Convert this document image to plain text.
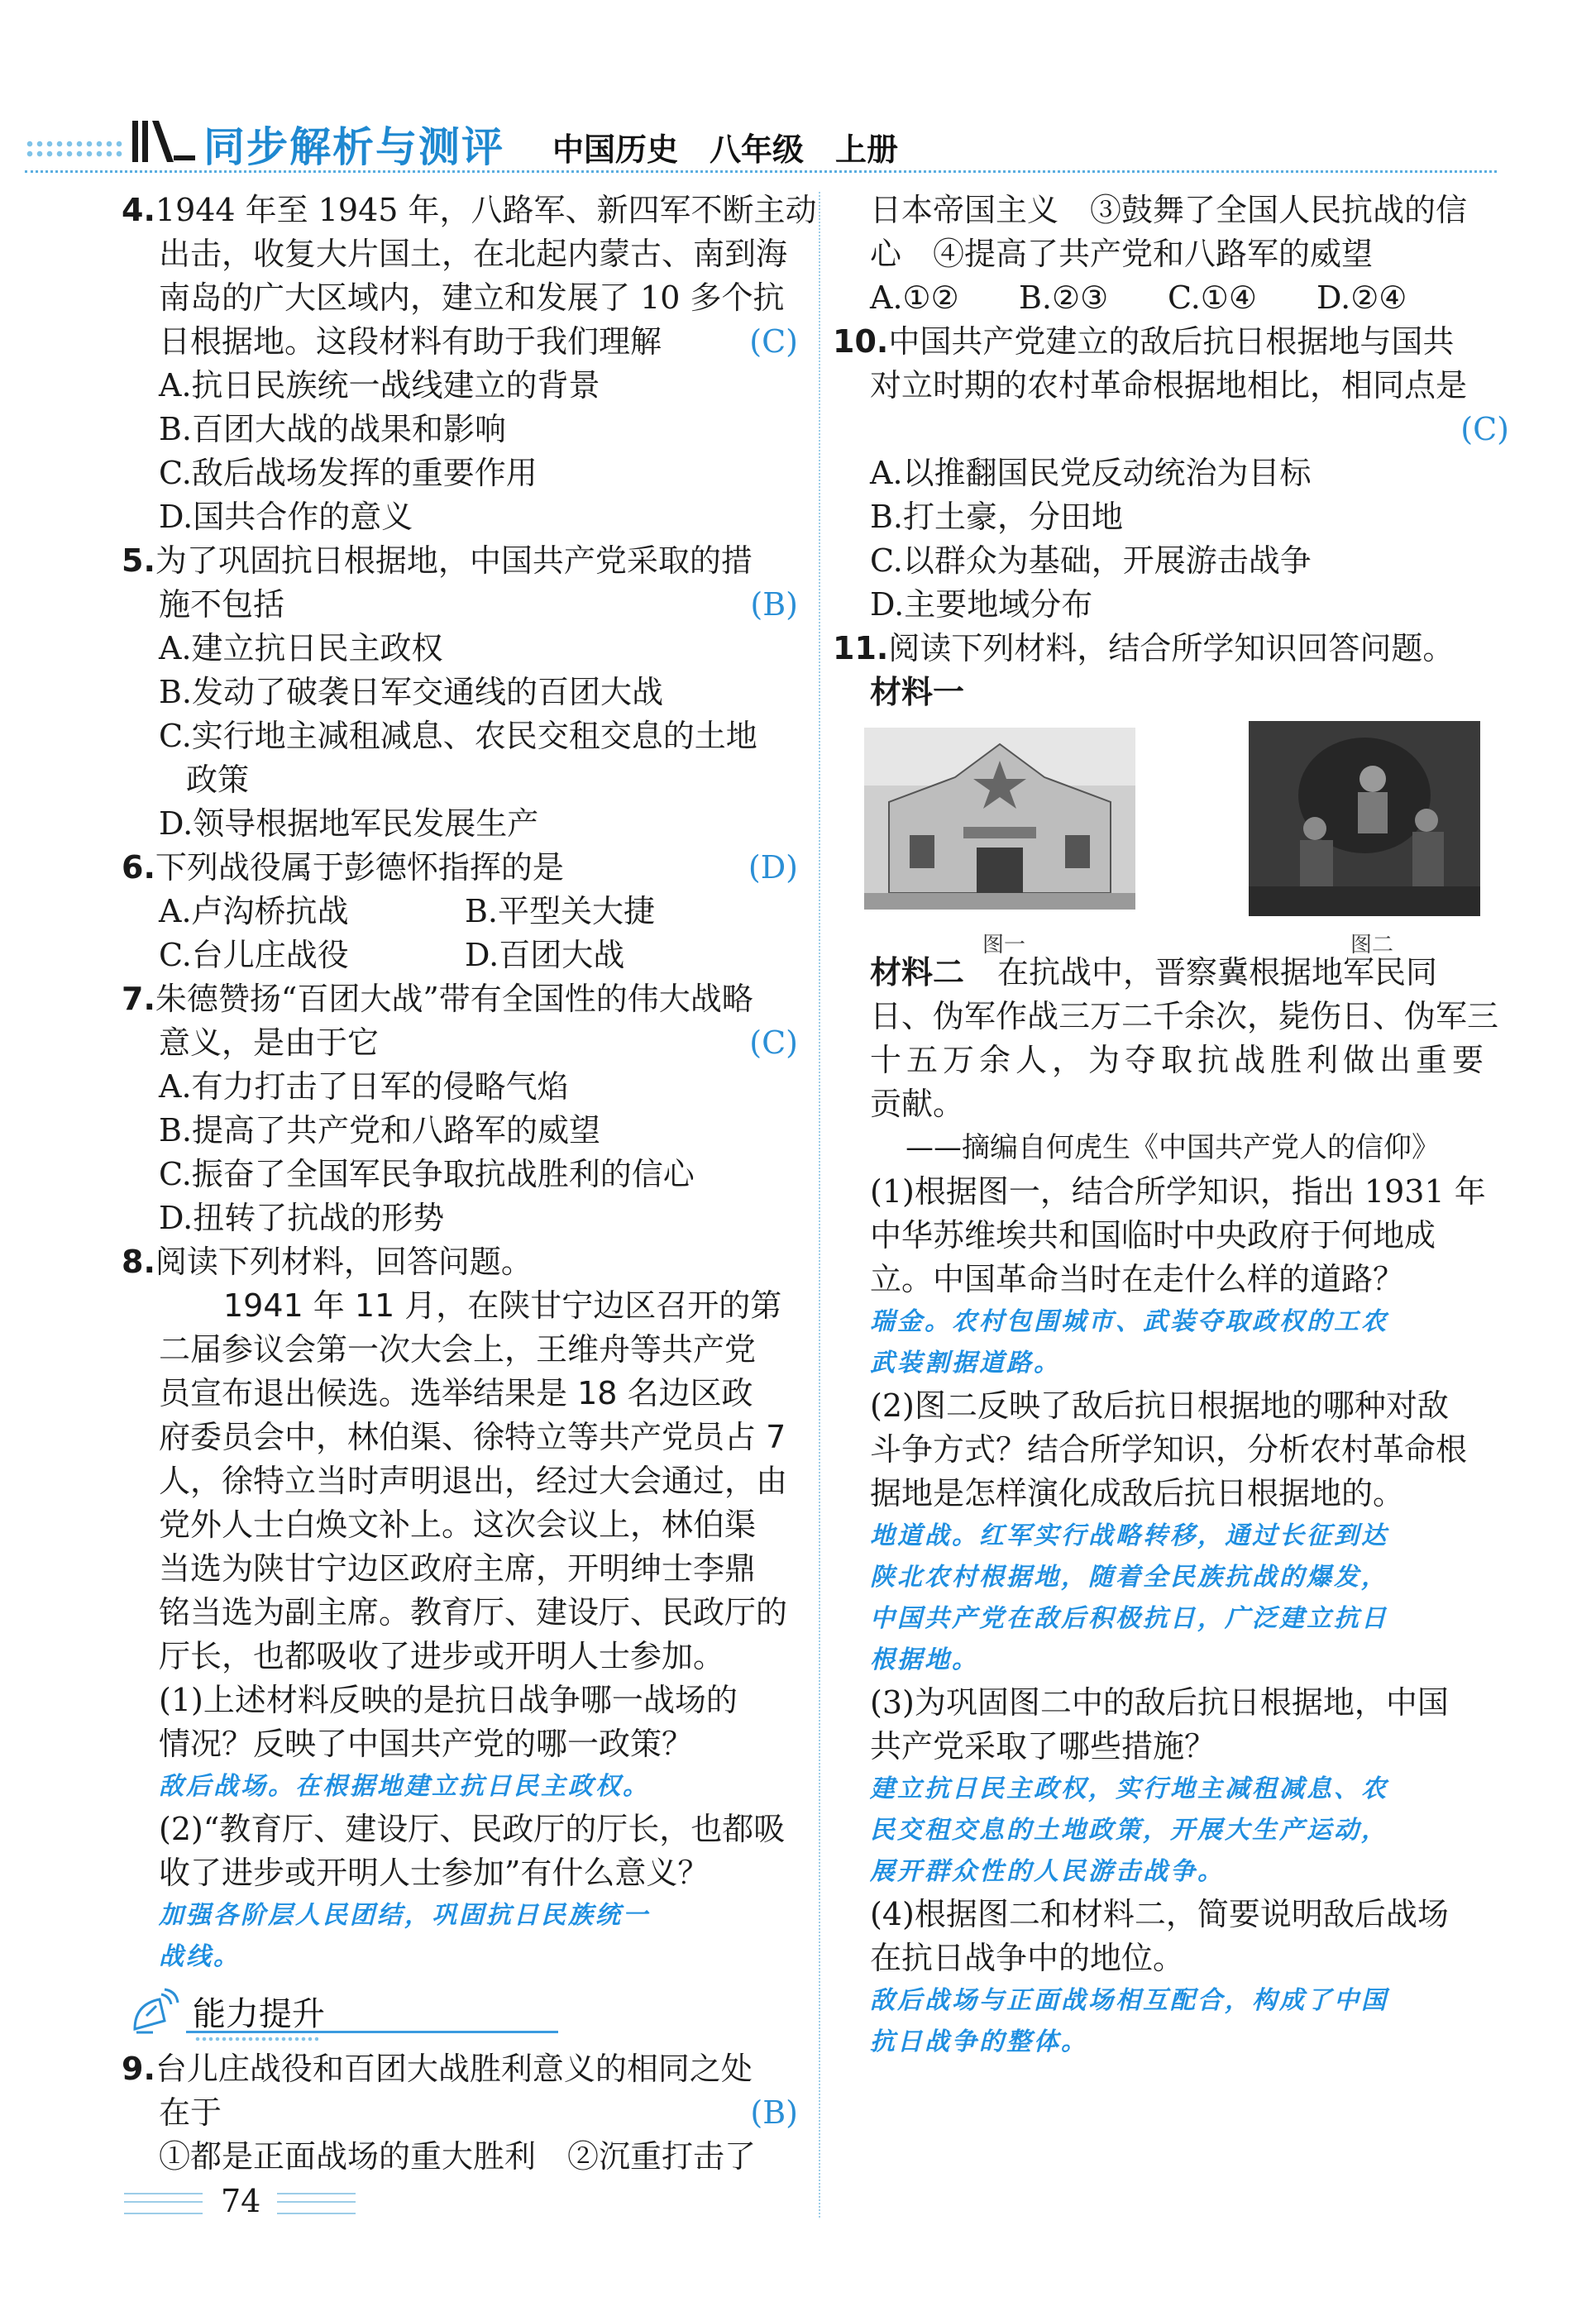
同步解析与测评 中国历史　八年级　上册
4.1944 年至 1945 年，八路军、新四军不断主动
出击，收复大片国土，在北起内蒙古、南到海
南岛的广大区域内，建立和发展了 10 多个抗
日根据地。这段材料有助于我们理解	(C)
A.抗日民族统一战线建立的背景
B.百团大战的战果和影响
C.敌后战场发挥的重要作用
D.国共合作的意义
5.为了巩固抗日根据地，中国共产党采取的措
施不包括	(B)
A.建立抗日民主政权
B.发动了破袭日军交通线的百团大战
C.实行地主减租减息、农民交租交息的土地
政策
D.领导根据地军民发展生产
6.下列战役属于彭德怀指挥的是	(D)
A.卢沟桥抗战	B.平型关大捷
C.台儿庄战役	D.百团大战
7.朱德赞扬“百团大战”带有全国性的伟大战略
意义，是由于它	(C)
A.有力打击了日军的侵略气焰
B.提高了共产党和八路军的威望
C.振奋了全国军民争取抗战胜利的信心
D.扭转了抗战的形势
8.阅读下列材料，回答问题。
1941 年 11 月，在陕甘宁边区召开的第
二届参议会第一次大会上，王维舟等共产党
员宣布退出候选。选举结果是 18 名边区政
府委员会中，林伯渠、徐特立等共产党员占 7
人，徐特立当时声明退出，经过大会通过，由
党外人士白焕文补上。这次会议上，林伯渠
当选为陕甘宁边区政府主席，开明绅士李鼎
铭当选为副主席。教育厅、建设厅、民政厅的
厅长，也都吸收了进步或开明人士参加。
(1)上述材料反映的是抗日战争哪一战场的
情况？反映了中国共产党的哪一政策？
敌后战场。在根据地建立抗日民主政权。
(2)“教育厅、建设厅、民政厅的厅长，也都吸
收了进步或开明人士参加”有什么意义？
加强各阶层人民团结，巩固抗日民族统一
战线。
能力提升
9.台儿庄战役和百团大战胜利意义的相同之处
在于	(B)
①都是正面战场的重大胜利　②沉重打击了
日本帝国主义　③鼓舞了全国人民抗战的信
心　④提高了共产党和八路军的威望
A.①② B.②③ C.①④ D.②④
10.中国共产党建立的敌后抗日根据地与国共
对立时期的农村革命根据地相比，相同点是
(C)

A.以推翻国民党反动统治为目标
B.打土豪，分田地
C.以群众为基础，开展游击战争
D.主要地域分布
11.阅读下列材料，结合所学知识回答问题。
材料一
图一	图二
材料二 在抗战中，晋察冀根据地军民同
日、伪军作战三万二千余次，毙伤日、伪军三
十五万余人，为夺取抗战胜利做出重要
贡献。
——摘编自何虎生《中国共产党人的信仰》
(1)根据图一，结合所学知识，指出 1931 年
中华苏维埃共和国临时中央政府于何地成
立。中国革命当时在走什么样的道路？
瑞金。农村包围城市、武装夺取政权的工农
武装割据道路。
(2)图二反映了敌后抗日根据地的哪种对敌
斗争方式？结合所学知识，分析农村革命根
据地是怎样演化成敌后抗日根据地的。
地道战。红军实行战略转移，通过长征到达
陕北农村根据地，随着全民族抗战的爆发，
中国共产党在敌后积极抗日，广泛建立抗日
根据地。
(3)为巩固图二中的敌后抗日根据地，中国
共产党采取了哪些措施？
建立抗日民主政权，实行地主减租减息、农
民交租交息的土地政策，开展大生产运动，
展开群众性的人民游击战争。
(4)根据图二和材料二，简要说明敌后战场
在抗日战争中的地位。
敌后战场与正面战场相互配合，构成了中国
抗日战争的整体。
74
